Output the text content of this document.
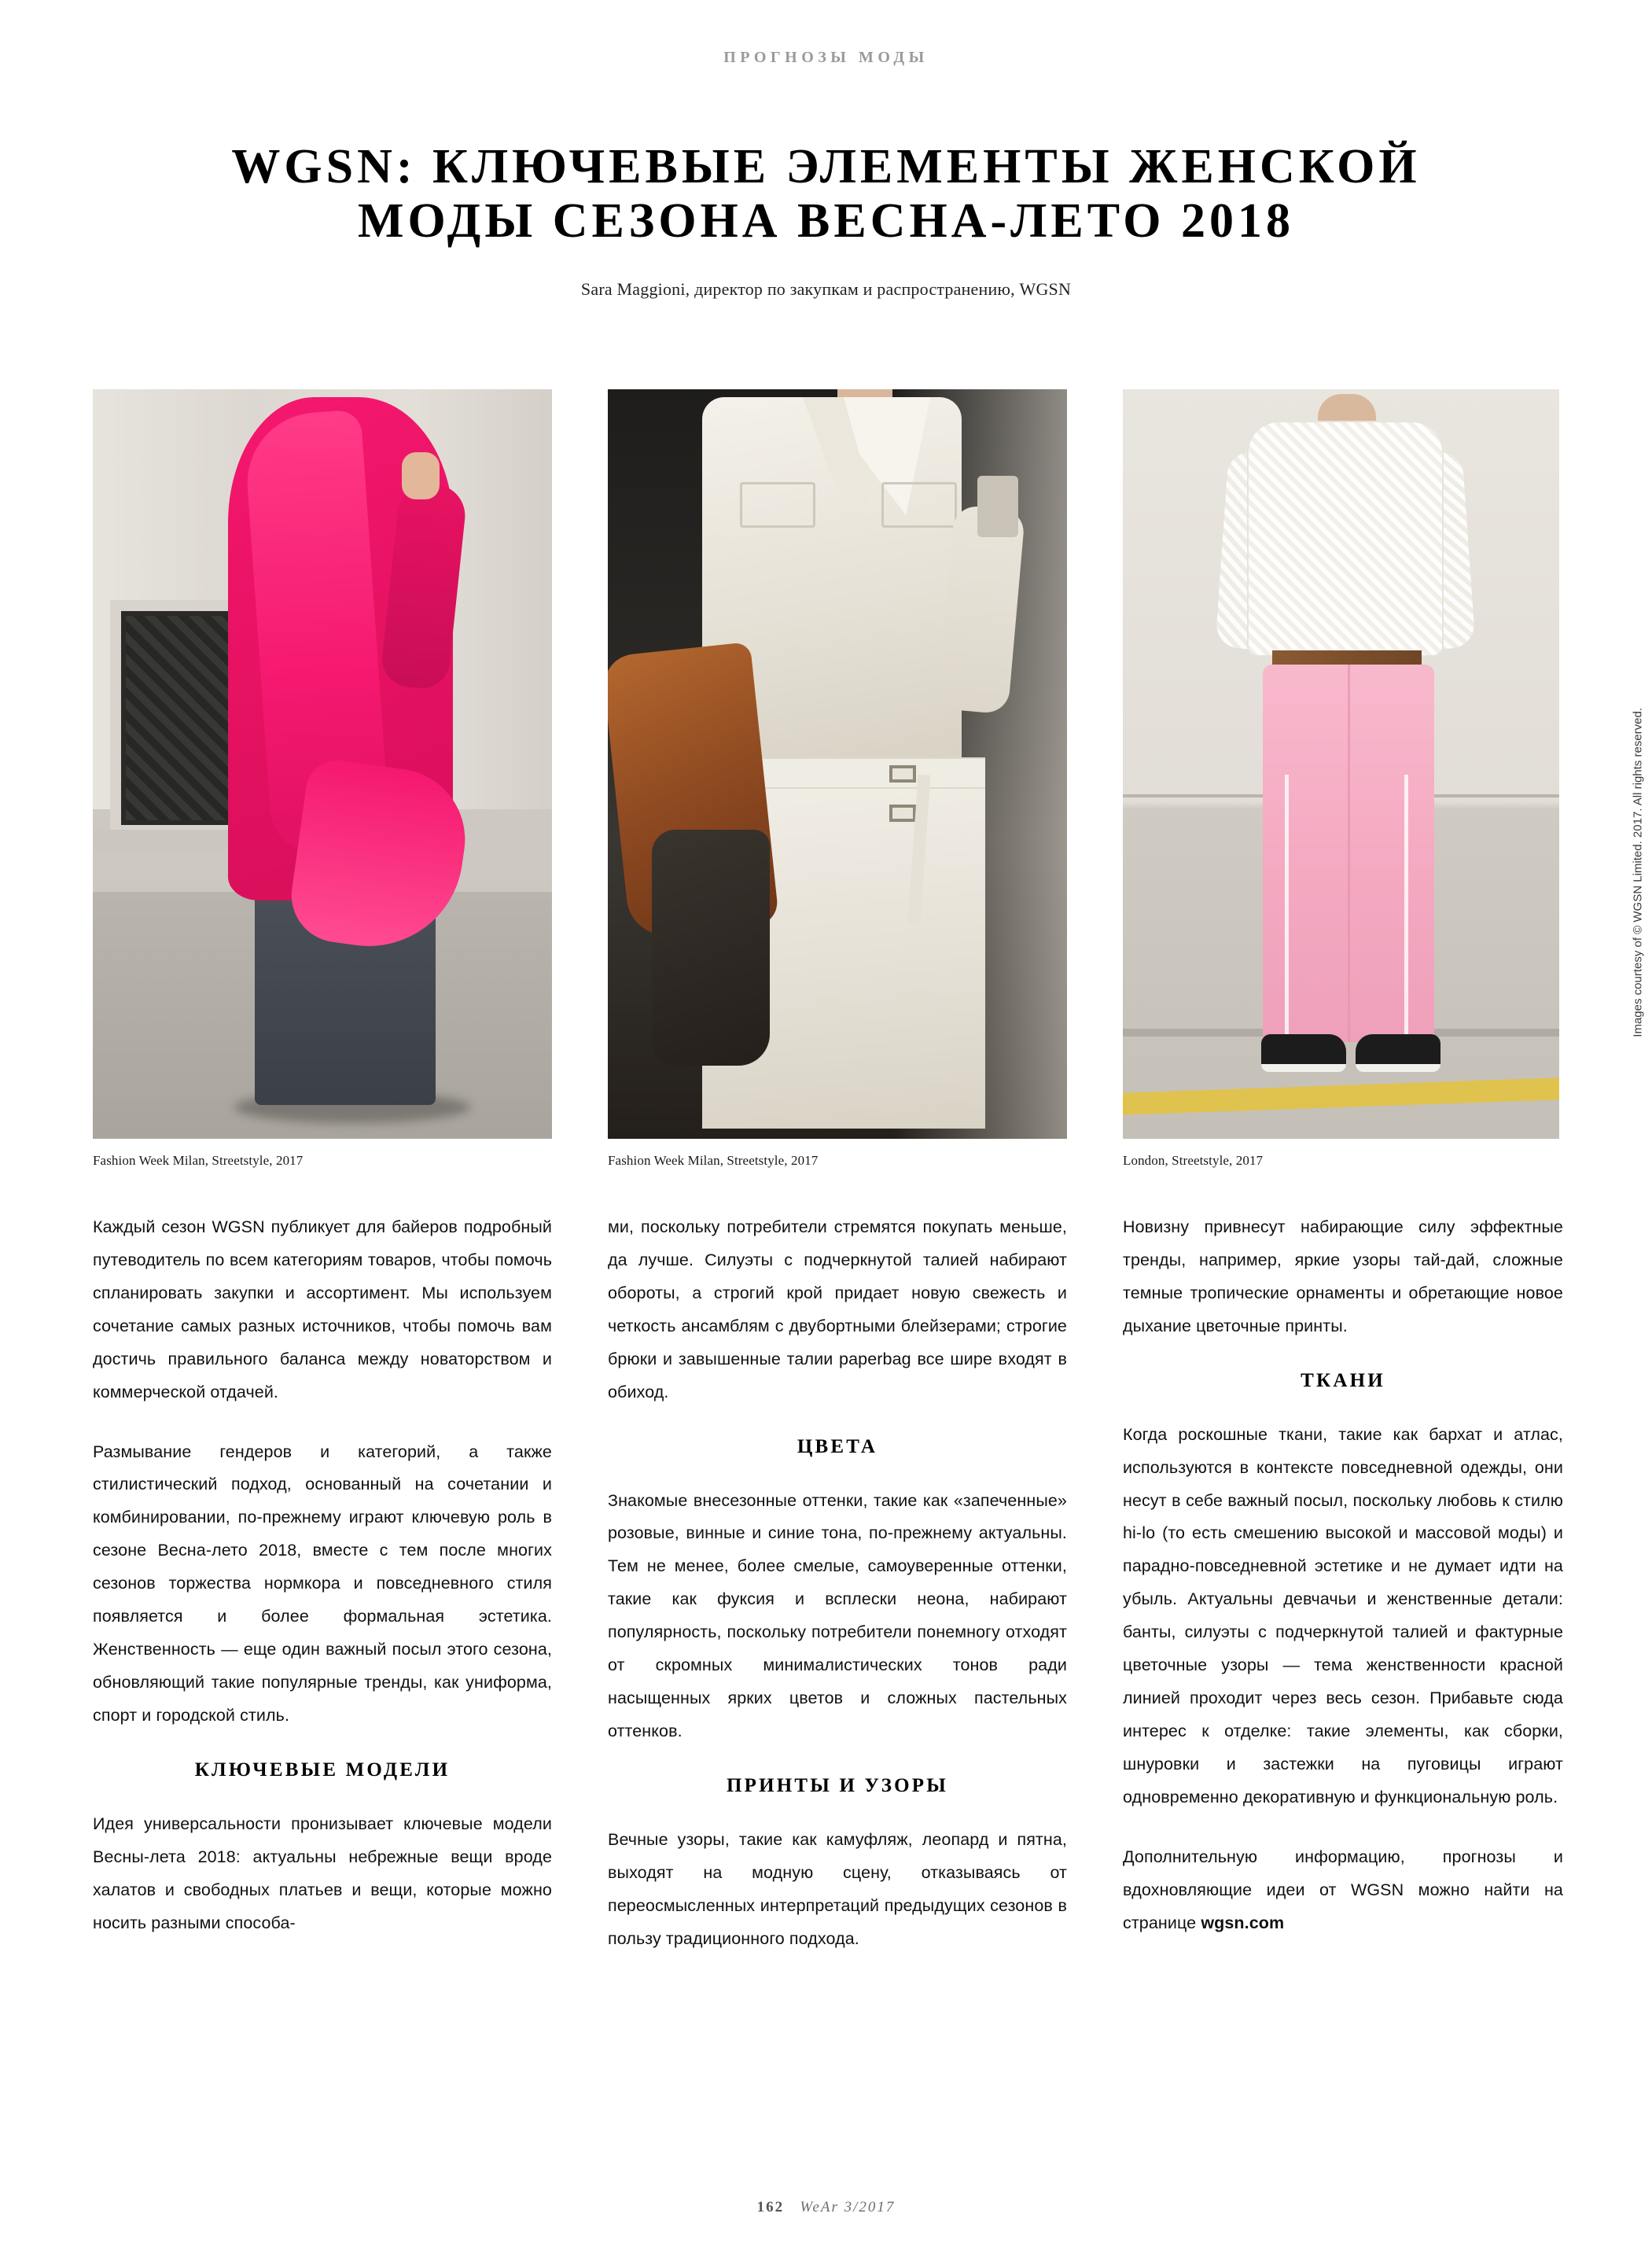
ПРОГНОЗЫ МОДЫ
WGSN: КЛЮЧЕВЫЕ ЭЛЕМЕНТЫ ЖЕНСКОЙ
МОДЫ СЕЗОНА ВЕСНА-ЛЕТО 2018
Sara Maggioni, директор по закупкам и распространению, WGSN
Fashion Week Milan, Streetstyle, 2017	Fashion Week Milan, Streetstyle, 2017	London, Streetstyle, 2017
Images courtesy of © WGSN Limited. 2017. All rights reserved.

Каждый сезон WGSN публикует для байеров подробный путеводитель по всем категориям товаров, чтобы помочь спланировать закупки и ассортимент. Мы используем сочетание самых разных источников, чтобы помочь вам достичь правильного баланса между новаторством и коммерческой отдачей.

Размывание гендеров и категорий, а также стилистический подход, основанный на сочетании и комбинировании, по-прежнему играют ключевую роль в сезоне Весна-лето 2018, вместе с тем после многих сезонов торжества нормкора и повседневного стиля появляется и более формальная эстетика. Женственность — еще один важный посыл этого сезона, обновляющий такие популярные тренды, как униформа, спорт и городской стиль.

КЛЮЧЕВЫЕ МОДЕЛИ

Идея универсальности пронизывает ключевые модели Весны-лета 2018: актуальны небрежные вещи вроде халатов и свободных платьев и вещи, которые можно носить разными способа-

ми, поскольку потребители стремятся покупать меньше, да лучше. Силуэты с подчеркнутой талией набирают обороты, а строгий крой придает новую свежесть и четкость ансамблям с двубортными блейзерами; строгие брюки и завышенные талии paperbag все шире входят в обиход.

ЦВЕТА

Знакомые внесезонные оттенки, такие как «запеченные» розовые, винные и синие тона, по-прежнему актуальны. Тем не менее, более смелые, самоуверенные оттенки, такие как фуксия и всплески неона, набирают популярность, поскольку потребители понемногу отходят от скромных минималистических тонов ради насыщенных ярких цветов и сложных пастельных оттенков.

ПРИНТЫ И УЗОРЫ

Вечные узоры, такие как камуфляж, леопард и пятна, выходят на модную сцену, отказываясь от переосмысленных интерпретаций предыдущих сезонов в пользу традиционного подхода.

Новизну привнесут набирающие силу эффектные тренды, например, яркие узоры тай-дай, сложные темные тропические орнаменты и обретающие новое дыхание цветочные принты.

ТКАНИ

Когда роскошные ткани, такие как бархат и атлас, используются в контексте повседневной одежды, они несут в себе важный посыл, поскольку любовь к стилю hi-lo (то есть смешению высокой и массовой моды) и парадно-повседневной эстетике и не думает идти на убыль. Актуальны девчачьи и женственные детали: банты, силуэты с подчеркнутой талией и фактурные цветочные узоры — тема женственности красной линией проходит через весь сезон. Прибавьте сюда интерес к отделке: такие элементы, как сборки, шнуровки и застежки на пуговицы играют одновременно декоративную и функциональную роль.

Дополнительную информацию, прогнозы и вдохновляющие идеи от WGSN можно найти на странице wgsn.com

162 WeAr 3/2017
